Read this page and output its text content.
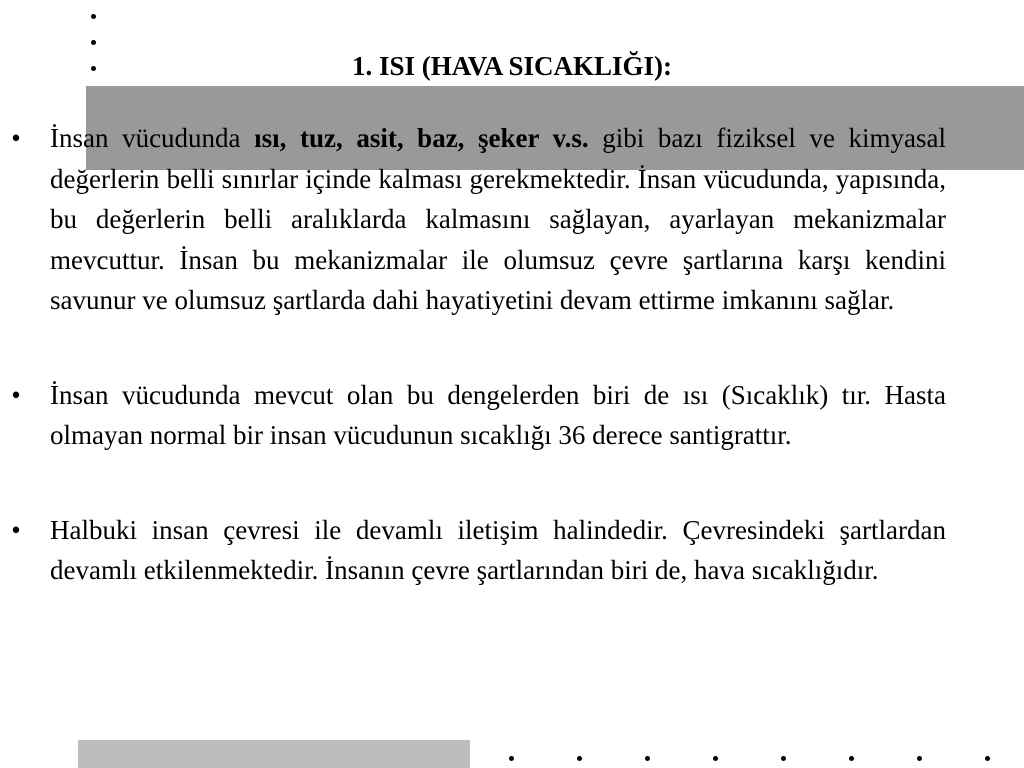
1. ISI (HAVA SICAKLIĞI):
• İnsan vücudunda ısı, tuz, asit, baz, şeker v.s. gibi bazı fiziksel ve kimyasal değerlerin belli sınırlar içinde kalması gerekmektedir. İnsan vücudunda, yapısında, bu değerlerin belli aralıklarda kalmasını sağlayan, ayarlayan mekanizmalar mevcuttur. İnsan bu mekanizmalar ile olumsuz çevre şartlarına karşı kendini savunur ve olumsuz şartlarda dahi hayatiyetini devam ettirme imkanını sağlar.
• İnsan vücudunda mevcut olan bu dengelerden biri de ısı (Sıcaklık) tır. Hasta olmayan normal bir insan vücudunun sıcaklığı 36 derece santigrattır.
• Halbuki insan çevresi ile devamlı iletişim halindedir. Çevresindeki şartlardan devamlı etkilenmektedir. İnsanın çevre şartlarından biri de, hava sıcaklığıdır.
